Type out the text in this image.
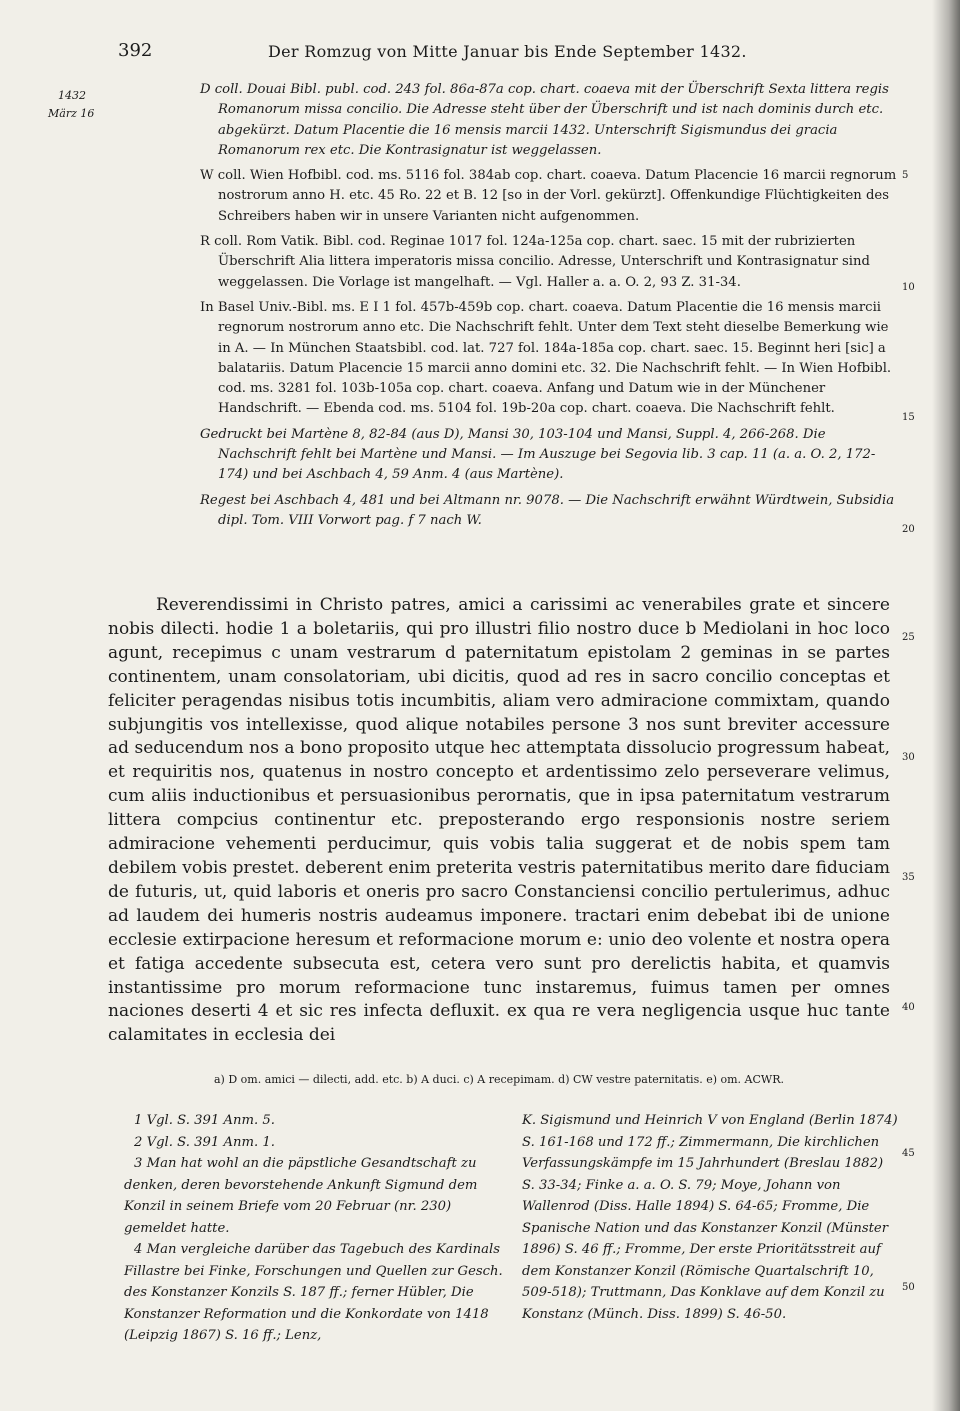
392	Der Romzug von Mitte Januar bis Ende September 1432.
1432
März 16

D coll. Douai Bibl. publ. cod. 243 fol. 86a-87a cop. chart. coaeva mit der Überschrift Sexta littera regis Romanorum missa concilio. Die Adresse steht über der Überschrift und ist nach dominis durch etc. abgekürzt. Datum Placentie die 16 mensis marcii 1432. Unterschrift Sigismundus dei gracia Romanorum rex etc. Die Kontrasignatur ist weggelassen.

W coll. Wien Hofbibl. cod. ms. 5116 fol. 384ab cop. chart. coaeva. Datum Placencie 16 marcii regnorum nostrorum anno H. etc. 45 Ro. 22 et B. 12 [so in der Vorl. gekürzt]. Offenkundige Flüchtigkeiten des Schreibers haben wir in unsere Varianten nicht aufgenommen.

R coll. Rom Vatik. Bibl. cod. Reginae 1017 fol. 124a-125a cop. chart. saec. 15 mit der rubrizierten Überschrift Alia littera imperatoris missa concilio. Adresse, Unterschrift und Kontrasignatur sind weggelassen. Die Vorlage ist mangelhaft. — Vgl. Haller a. a. O. 2, 93 Z. 31-34.

In Basel Univ.-Bibl. ms. E I 1 fol. 457b-459b cop. chart. coaeva. Datum Placentie die 16 mensis marcii regnorum nostrorum anno etc. Die Nachschrift fehlt. Unter dem Text steht dieselbe Bemerkung wie in A. — In München Staatsbibl. cod. lat. 727 fol. 184a-185a cop. chart. saec. 15. Beginnt heri [sic] a balatariis. Datum Placencie 15 marcii anno domini etc. 32. Die Nachschrift fehlt. — In Wien Hofbibl. cod. ms. 3281 fol. 103b-105a cop. chart. coaeva. Anfang und Datum wie in der Münchener Handschrift. — Ebenda cod. ms. 5104 fol. 19b-20a cop. chart. coaeva. Die Nachschrift fehlt.

Gedruckt bei Martène 8, 82-84 (aus D), Mansi 30, 103-104 und Mansi, Suppl. 4, 266-268. Die Nachschrift fehlt bei Martène und Mansi. — Im Auszuge bei Segovia lib. 3 cap. 11 (a. a. O. 2, 172-174) und bei Aschbach 4, 59 Anm. 4 (aus Martène).

Regest bei Aschbach 4, 481 und bei Altmann nr. 9078. — Die Nachschrift erwähnt Würdtwein, Subsidia dipl. Tom. VIII Vorwort pag. f 7 nach W.

5
10
15
20
25
30
35
40
45
50

Reverendissimi in Christo patres, amici a carissimi ac venerabiles grate et sincere nobis dilecti. hodie 1 a boletariis, qui pro illustri filio nostro duce b Mediolani in hoc loco agunt, recepimus c unam vestrarum d paternitatum epistolam 2 geminas in se partes continentem, unam consolatoriam, ubi dicitis, quod ad res in sacro concilio conceptas et feliciter peragendas nisibus totis incumbitis, aliam vero admiracione commixtam, quando subjungitis vos intellexisse, quod alique notabiles persone 3 nos sunt breviter accessure ad seducendum nos a bono proposito utque hec attemptata dissolucio progressum habeat, et requiritis nos, quatenus in nostro concepto et ardentissimo zelo perseverare velimus, cum aliis inductionibus et persuasionibus perornatis, que in ipsa paternitatum vestrarum littera compcius continentur etc. preposterando ergo responsionis nostre seriem admiracione vehementi perducimur, quis vobis talia suggerat et de nobis spem tam debilem vobis prestet. deberent enim preterita vestris paternitatibus merito dare fiduciam de futuris, ut, quid laboris et oneris pro sacro Constanciensi concilio pertulerimus, adhuc ad laudem dei humeris nostris audeamus imponere. tractari enim debebat ibi de unione ecclesie extirpacione heresum et reformacione morum e: unio deo volente et nostra opera et fatiga accedente subsecuta est, cetera vero sunt pro derelictis habita, et quamvis instantissime pro morum reformacione tunc instaremus, fuimus tamen per omnes naciones deserti 4 et sic res infecta defluxit. ex qua re vera negligencia usque huc tante calamitates in ecclesia dei

a) D om. amici — dilecti, add. etc. b) A duci. c) A recepimam. d) CW vestre paternitatis. e) om. ACWR.

1 Vgl. S. 391 Anm. 5.

2 Vgl. S. 391 Anm. 1.

3 Man hat wohl an die päpstliche Gesandtschaft zu denken, deren bevorstehende Ankunft Sigmund dem Konzil in seinem Briefe vom 20 Februar (nr. 230) gemeldet hatte.

4 Man vergleiche darüber das Tagebuch des Kardinals Fillastre bei Finke, Forschungen und Quellen zur Gesch. des Konstanzer Konzils S. 187 ff.; ferner Hübler, Die Konstanzer Reformation und die Konkordate von 1418 (Leipzig 1867) S. 16 ff.; Lenz,

K. Sigismund und Heinrich V von England (Berlin 1874) S. 161-168 und 172 ff.; Zimmermann, Die kirchlichen Verfassungskämpfe im 15 Jahrhundert (Breslau 1882) S. 33-34; Finke a. a. O. S. 79; Moye, Johann von Wallenrod (Diss. Halle 1894) S. 64-65; Fromme, Die Spanische Nation und das Konstanzer Konzil (Münster 1896) S. 46 ff.; Fromme, Der erste Prioritätsstreit auf dem Konstanzer Konzil (Römische Quartalschrift 10, 509-518); Truttmann, Das Konklave auf dem Konzil zu Konstanz (Münch. Diss. 1899) S. 46-50.
